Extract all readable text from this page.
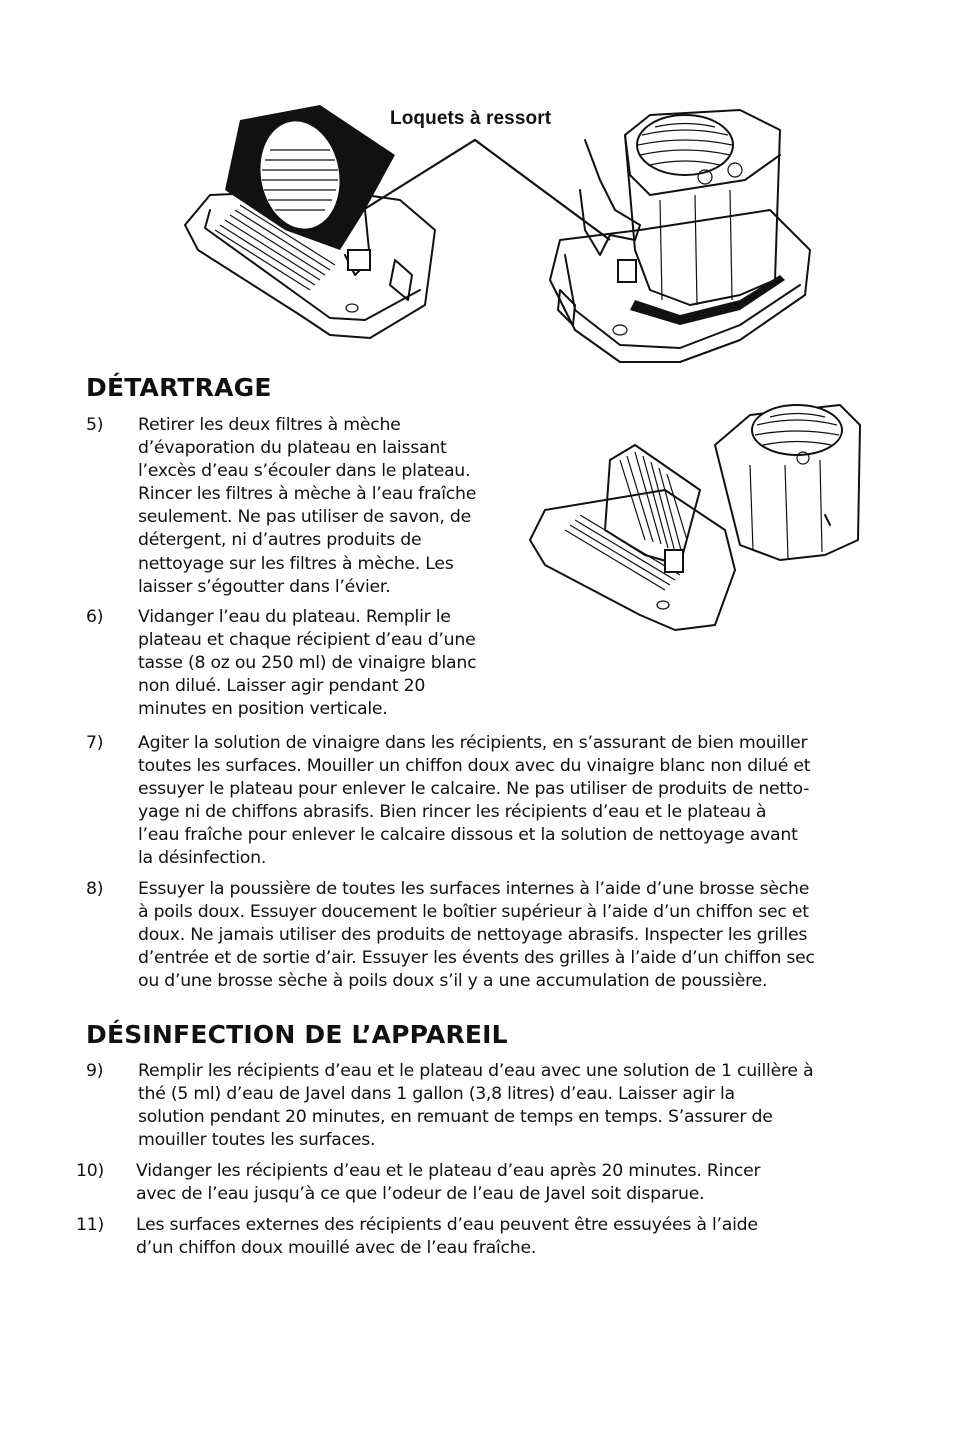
Loquets à ressort
DÉTARTRAGE
5) Retirer les deux filtres à mèche
d’évaporation du plateau en laissant
l’excès d’eau s’écouler dans le plateau.
Rincer les filtres à mèche à l’eau fraîche
seulement. Ne pas utiliser de savon, de
détergent, ni d’autres produits de
nettoyage sur les filtres à mèche. Les
laisser s’égoutter dans l’évier.
6) Vidanger l’eau du plateau. Remplir le
plateau et chaque récipient d’eau d’une
tasse (8 oz ou 250 ml) de vinaigre blanc
non dilué. Laisser agir pendant 20
minutes en position verticale.
7) Agiter la solution de vinaigre dans les récipients, en s’assurant de bien mouiller
toutes les surfaces. Mouiller un chiffon doux avec du vinaigre blanc non dilué et
essuyer le plateau pour enlever le calcaire. Ne pas utiliser de produits de netto-
yage ni de chiffons abrasifs. Bien rincer les récipients d’eau et le plateau à
l’eau fraîche pour enlever le calcaire dissous et la solution de nettoyage avant
la désinfection.
8) Essuyer la poussière de toutes les surfaces internes à l’aide d’une brosse sèche
à poils doux. Essuyer doucement le boîtier supérieur à l’aide d’un chiffon sec et
doux. Ne jamais utiliser des produits de nettoyage abrasifs. Inspecter les grilles
d’entrée et de sortie d’air. Essuyer les évents des grilles à l’aide d’un chiffon sec
ou d’une brosse sèche à poils doux s’il y a une accumulation de poussière.
DÉSINFECTION DE L’APPAREIL
9) Remplir les récipients d’eau et le plateau d’eau avec une solution de 1 cuillère à
thé (5 ml) d’eau de Javel dans 1 gallon (3,8 litres) d’eau. Laisser agir la
solution pendant 20 minutes, en remuant de temps en temps. S’assurer de
mouiller toutes les surfaces.
10) Vidanger les récipients d’eau et le plateau d’eau après 20 minutes. Rincer
avec de l’eau jusqu’à ce que l’odeur de l’eau de Javel soit disparue.
11) Les surfaces externes des récipients d’eau peuvent être essuyées à l’aide
d’un chiffon doux mouillé avec de l’eau fraîche.
